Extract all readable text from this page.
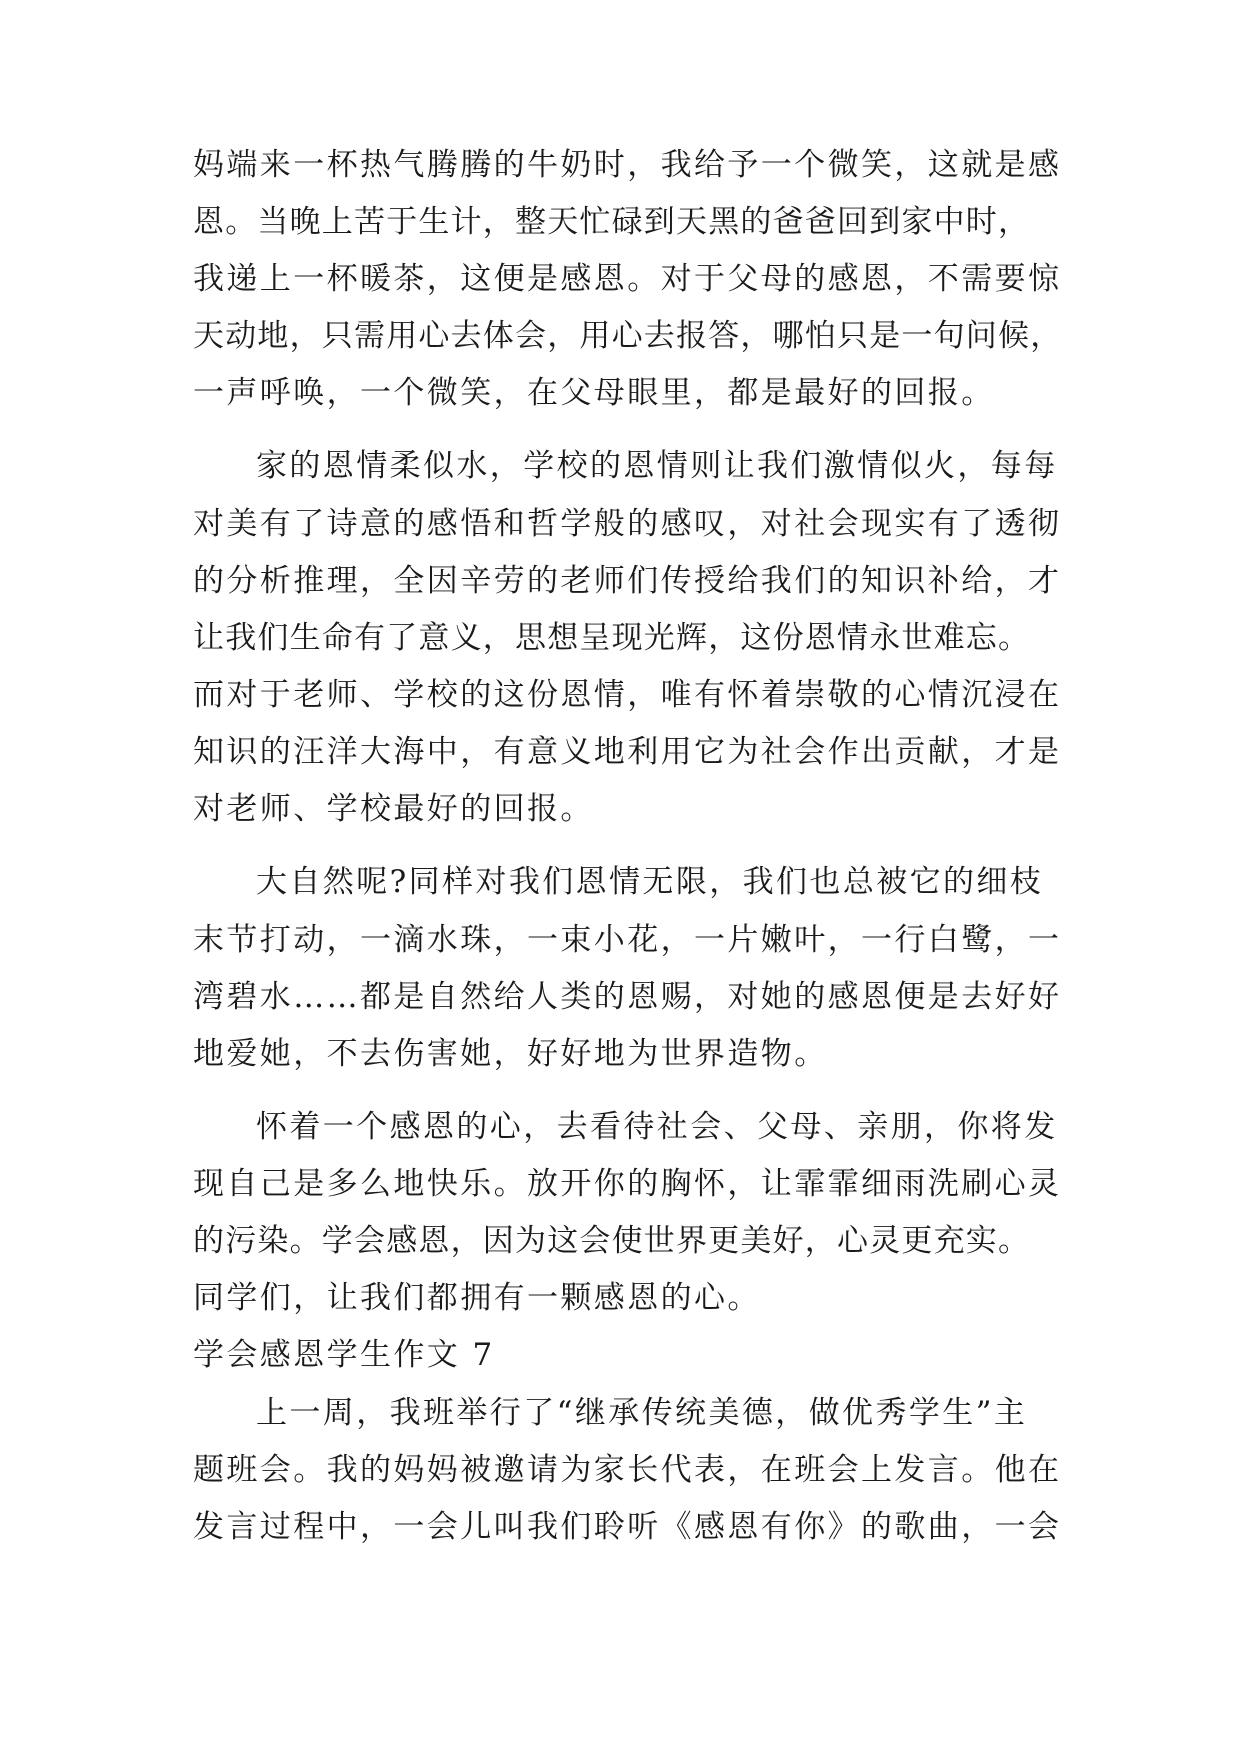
妈端来一杯热气腾腾的牛奶时，我给予一个微笑，这就是感
恩。当晚上苦于生计，整天忙碌到天黑的爸爸回到家中时，
我递上一杯暖茶，这便是感恩。对于父母的感恩，不需要惊
天动地，只需用心去体会，用心去报答，哪怕只是一句问候，
一声呼唤，一个微笑，在父母眼里，都是最好的回报。
家的恩情柔似水，学校的恩情则让我们激情似火，每每
对美有了诗意的感悟和哲学般的感叹，对社会现实有了透彻
的分析推理，全因辛劳的老师们传授给我们的知识补给，才
让我们生命有了意义，思想呈现光辉，这份恩情永世难忘。
而对于老师、学校的这份恩情，唯有怀着崇敬的心情沉浸在
知识的汪洋大海中，有意义地利用它为社会作出贡献，才是
对老师、学校最好的回报。
大自然呢?同样对我们恩情无限，我们也总被它的细枝
末节打动，一滴水珠，一束小花，一片嫩叶，一行白鹭，一
湾碧水……都是自然给人类的恩赐，对她的感恩便是去好好
地爱她，不去伤害她，好好地为世界造物。
怀着一个感恩的心，去看待社会、父母、亲朋，你将发
现自己是多么地快乐。放开你的胸怀，让霏霏细雨洗刷心灵
的污染。学会感恩，因为这会使世界更美好，心灵更充实。
同学们，让我们都拥有一颗感恩的心。
学会感恩学生作文 7
上一周，我班举行了“继承传统美德，做优秀学生”主
题班会。我的妈妈被邀请为家长代表，在班会上发言。他在
发言过程中，一会儿叫我们聆听《感恩有你》的歌曲，一会
